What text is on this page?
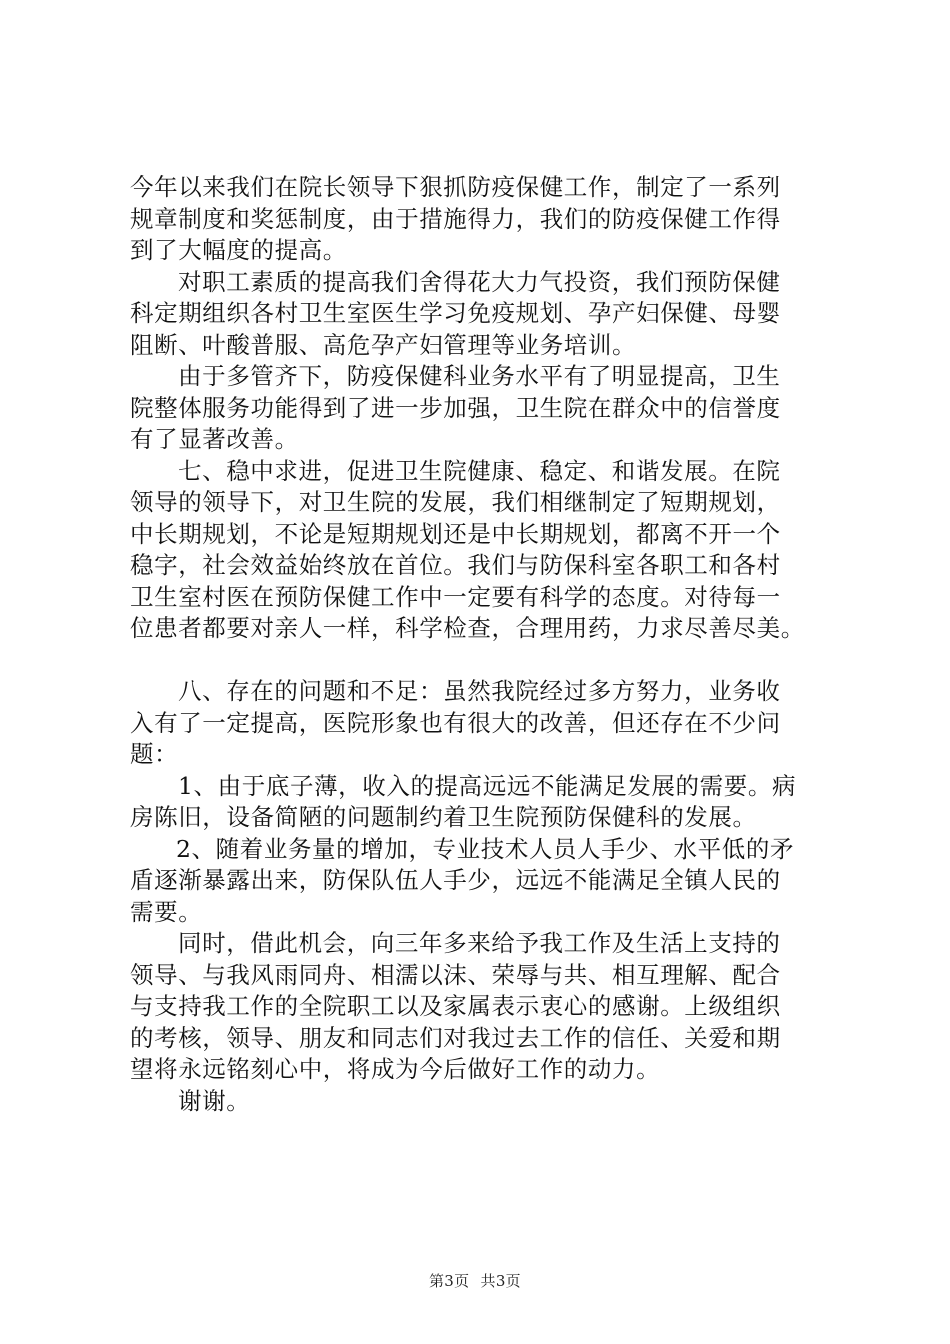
今年以来我们在院长领导下狠抓防疫保健工作，制定了一系列
规章制度和奖惩制度，由于措施得力，我们的防疫保健工作得
到了大幅度的提高。
对职工素质的提高我们舍得花大力气投资，我们预防保健
科定期组织各村卫生室医生学习免疫规划、孕产妇保健、母婴
阻断、叶酸普服、高危孕产妇管理等业务培训。
由于多管齐下，防疫保健科业务水平有了明显提高，卫生
院整体服务功能得到了进一步加强，卫生院在群众中的信誉度
有了显著改善。
七、稳中求进，促进卫生院健康、稳定、和谐发展。在院
领导的领导下，对卫生院的发展，我们相继制定了短期规划，
中长期规划，不论是短期规划还是中长期规划，都离不开一个
稳字，社会效益始终放在首位。我们与防保科室各职工和各村
卫生室村医在预防保健工作中一定要有科学的态度。对待每一
位患者都要对亲人一样，科学检查，合理用药，力求尽善尽美。
八、存在的问题和不足：虽然我院经过多方努力，业务收
入有了一定提高，医院形象也有很大的改善，但还存在不少问
题：
1、由于底子薄，收入的提高远远不能满足发展的需要。病
房陈旧，设备简陋的问题制约着卫生院预防保健科的发展。
2、随着业务量的增加，专业技术人员人手少、水平低的矛
盾逐渐暴露出来，防保队伍人手少，远远不能满足全镇人民的
需要。
同时，借此机会，向三年多来给予我工作及生活上支持的
领导、与我风雨同舟、相濡以沫、荣辱与共、相互理解、配合
与支持我工作的全院职工以及家属表示衷心的感谢。上级组织
的考核，领导、朋友和同志们对我过去工作的信任、关爱和期
望将永远铭刻心中，将成为今后做好工作的动力。
谢谢。
第3页 共3页
